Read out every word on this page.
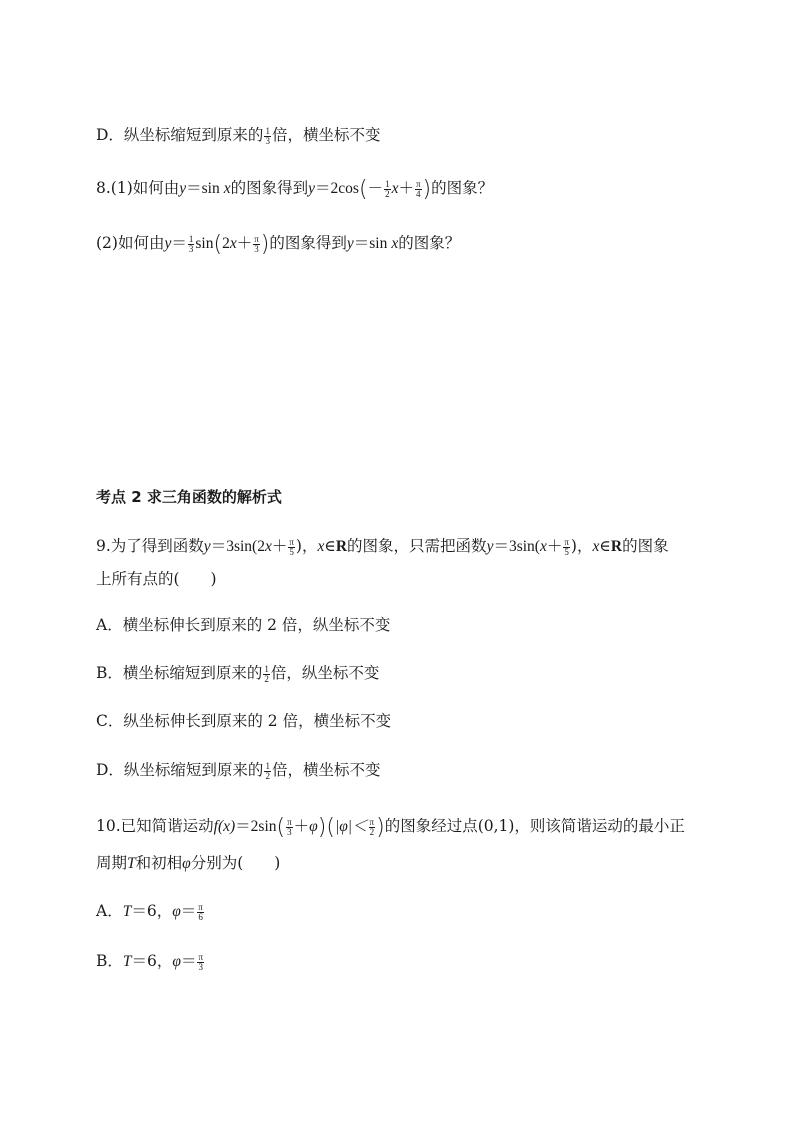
D．纵坐标缩短到原来的 $\frac{1}{3}$ 倍，横坐标不变
8.(1)如何由y＝sin x的图象得到$y=2\cos(- \frac{1}{2} x+ \frac{\pi}{4}$ )的图象？
(2)如何由$y= \frac{1}{3} \sin(2x+ \frac{\pi}{3}$ )的图象得到y＝sin x的图象？
考点 2 求三角函数的解析式
9.为了得到函数$y=3\sin(2x+ \frac{\pi}{5}$ )，x∈R的图象，只需把函数$y=3\sin(x+ \frac{\pi}{5}$ )，x∈R的图象
上所有点的(　　)
A．横坐标伸长到原来的 2 倍，纵坐标不变
B．横坐标缩短到原来的 $\frac{1}{2}$ 倍，纵坐标不变
C．纵坐标伸长到原来的 2 倍，横坐标不变
D．纵坐标缩短到原来的 $\frac{1}{2}$ 倍，横坐标不变
10.已知简谐运动$f(x)=2\sin( \frac{\pi}{3} +\varphi)(|\varphi|< \frac{\pi}{2}$ )的图象经过点(0,1)，则该简谐运动的最小正
周期T和初相φ分别为(　　)
A．T＝6，$\varphi= \frac{\pi}{6}$
B．T＝6，$\varphi= \frac{\pi}{3}$
